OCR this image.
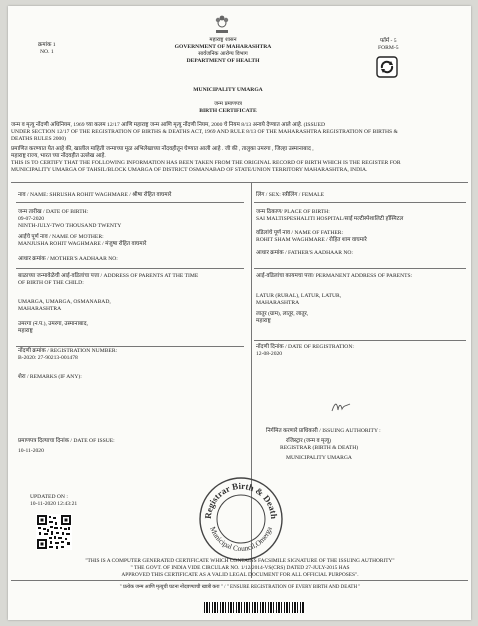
क्रमांक 1
NO. 1
महाराष्ट्र शासन
GOVERNMENT OF MAHARASHTRA
सार्वजनिक आरोग्य विभाग
DEPARTMENT OF HEALTH
फॉर्म - 5
FORM-5
MUNICIPALITY UMARGA
जन्म प्रमाणपत्र
BIRTH CERTIFICATE
जन्म व मृत्यु नोंदणी अधिनियम, 1969 च्या कलम 12/17 आणि महाराष्ट्र जन्म आणि मृत्यु नोंदणी नियम, 2000 चे नियम 8/13 अन्वये देण्यात आले आहे. (ISSUED
UNDER SECTION 12/17 OF THE REGISTRATION OF BIRTHS & DEATHS ACT, 1969 AND RULE 8/13 OF THE MAHARASHTRA REGISTRATION OF BIRTHS &
DEATHS RULES 2000)
प्रमाणित करण्यात येत आहे की, खालील माहिती जन्माच्या मूळ अभिलेखाच्या नोंदवहीतून घेण्यात आली आहे . जी की , तालुका उमरगा , जिल्हा उस्मानाबाद ,
महाराष्ट्र राज्य, भारत च्या नोंदवहीत उल्लेख आहे.
THIS IS TO CERTIFY THAT THE FOLLOWING INFORMATION HAS BEEN TAKEN FROM THE ORIGINAL RECORD OF BIRTH WHICH IS THE REGISTER FOR
MUNICIPALITY UMARGA OF TAHSIL/BLOCK UMARGA OF DISTRICT OSMANABAD OF STATE/UNION TERRITORY MAHARASHTRA, INDIA.
नाव / NAME: SHRUSHA ROHIT WAGHMARE / श्रीषा रोहित वाघमारे
जन्म तारीख / DATE OF BIRTH:
09-07-2020
NINTH-JULY-TWO THOUSAND TWENTY
आईचे पूर्ण नाव / NAME OF MOTHER:
MANJUSHA ROHIT WAGHMARE / मंजुषा रोहित वाघमारे
आधार क्रमांक / MOTHER'S AADHAAR NO:
बाळाच्या जन्मावेळेची आई-वडिलांचा पत्ता / ADDRESS OF PARENTS AT THE TIME
OF BIRTH OF THE CHILD:
UMARGA, UMARGA, OSMANABAD,
MAHARASHTRA
उमरगा (न.प.), उमरगा, उस्मानाबाद,
महाराष्ट्र
नोंदणी क्रमांक / REGISTRATION NUMBER:
B-2020: 27-90213-001478
शेरा / REMARKS (IF ANY):
प्रमाणपत्र दिल्याचा दिनांक / DATE OF ISSUE:
10-11-2020
UPDATED ON :
10-11-2020 12:43:21
लिंग / SEX: स्त्रीलिंग / FEMALE
जन्म ठिकाण/ PLACE OF BIRTH:
SAI MALTISPESHALITI HOSPITAL/साई मल्टीस्पेशालिटी हॉस्पिटल
वडिलांचे पूर्ण नाव / NAME OF FATHER:
ROHIT SHAM WAGHMARE / रोहित शाम वाघमारे
आधार क्रमांक / FATHER'S AADHAAR NO:
आई-वडिलांचा कायमचा पत्ता/ PERMANENT ADDRESS OF PARENTS:
LATUR (RURAL), LATUR, LATUR,
MAHARASHTRA
लातूर (ग्राम), लातूर, लातूर,
महाराष्ट्र
नोंदणी दिनांक / DATE OF REGISTRATION:
12-08-2020
निर्गमित करणारे प्राधिकारी / ISSUING AUTHORITY :
रजिस्ट्रार (जन्म व मृत्यू)
REGISTRAR (BIRTH & DEATH)
MUNICIPALITY UMARGA
Registrar Birth & Death
Municipal Council,Omerga
"THIS IS A COMPUTER GENERATED CERTIFICATE WHICH CONTAINS FACSIMILE SIGNATURE OF THE ISSUING AUTHORITY"
" THE GOVT. OF INDIA VIDE CIRCULAR NO. 1/12/2014-VS(CRS) DATED 27-JULY-2015 HAS
APPROVED THIS CERTIFICATE AS A VALID LEGAL DOCUMENT FOR ALL OFFICIAL PURPOSES".
" प्रत्येक जन्म आणि मृत्यूची घटना नोंदवण्याची खात्री करा " / " ENSURE REGISTRATION OF EVERY BIRTH AND DEATH "
